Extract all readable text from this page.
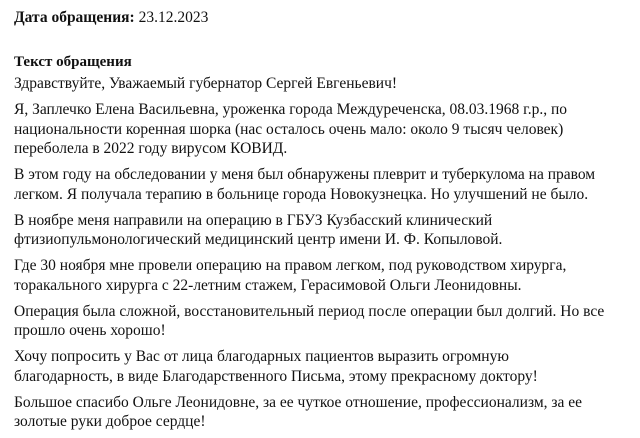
Дата обращения: 23.12.2023
Текст обращения

Здравствуйте, Уважаемый губернатор Сергей Евгеньевич!

Я, Заплечко Елена Васильевна, уроженка города Междуреченска, 08.03.1968 г.р., по
национальности коренная шорка (нас осталось очень мало: около 9 тысяч человек)
переболела в 2022 году вирусом КОВИД.

В этом году на обследовании у меня был обнаружены плеврит и туберкулома на правом
легком. Я получала терапию в больнице города Новокузнецка. Но улучшений не было.

В ноябре меня направили на операцию в ГБУЗ Кузбасский клинический
фтизиопульмонологический медицинский центр имени И. Ф. Копыловой.

Где 30 ноября мне провели операцию на правом легком, под руководством хирурга,
торакального хирурга с 22-летним стажем, Герасимовой Ольги Леонидовны.

Операция была сложной, восстановительный период после операции был долгий. Но все
прошло очень хорошо!

Хочу попросить у Вас от лица благодарных пациентов выразить огромную
благодарность, в виде Благодарственного Письма, этому прекрасному доктору!

Большое спасибо Ольге Леонидовне, за ее чуткое отношение, профессионализм, за ее
золотые руки доброе сердце!
